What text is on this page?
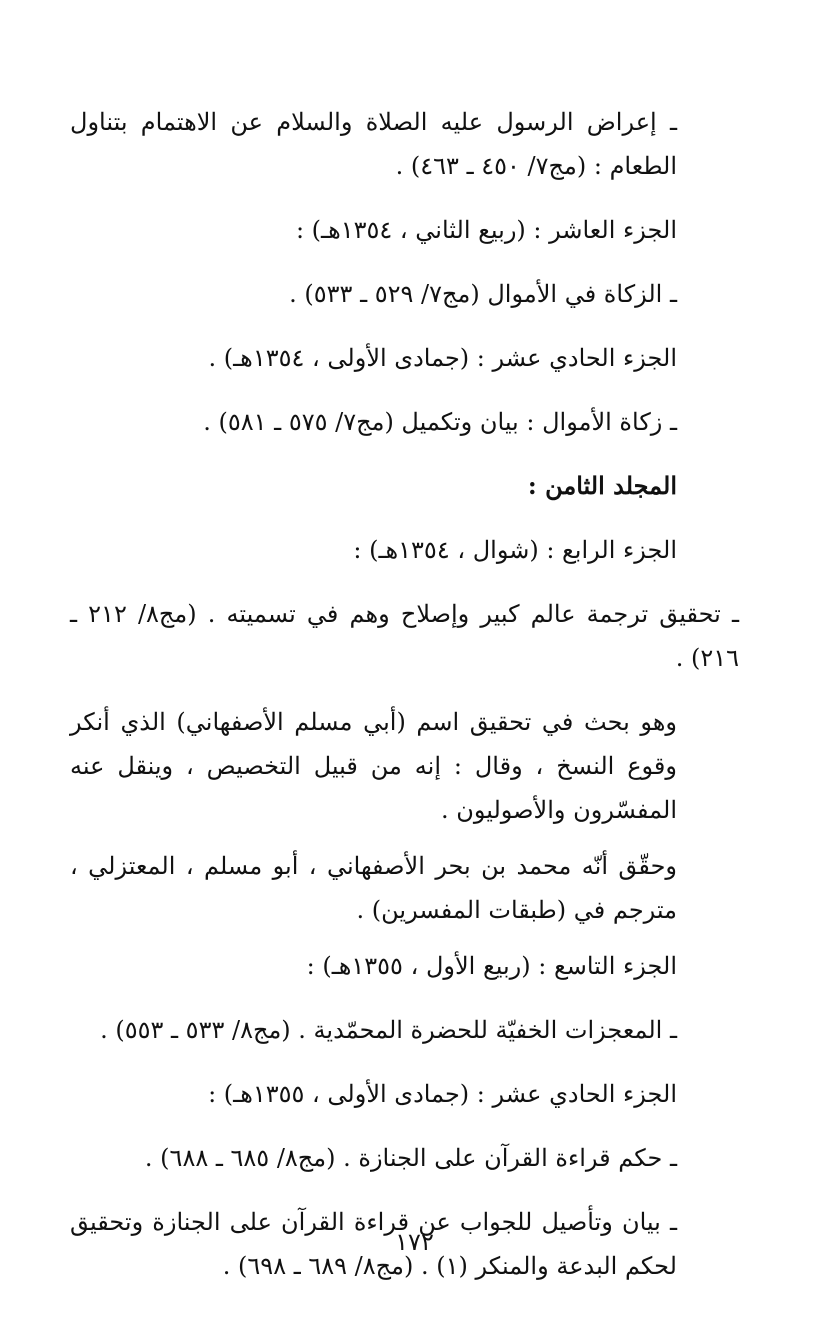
ـ إعراض الرسول عليه الصلاة والسلام عن الاهتمام بتناول الطعام : (مج٧/ ٤٥٠ ـ ٤٦٣) .
الجزء العاشر : (ربيع الثاني ، ١٣٥٤هـ) :
ـ الزكاة في الأموال (مج٧/ ٥٢٩ ـ ٥٣٣) .
الجزء الحادي عشر : (جمادى الأولى ، ١٣٥٤هـ) .
ـ زكاة الأموال : بيان وتكميل (مج٧/ ٥٧٥ ـ ٥٨١) .
المجلد الثامن :
الجزء الرابع : (شوال ، ١٣٥٤هـ) :
ـ تحقيق ترجمة عالم كبير وإصلاح وهم في تسميته . (مج٨/ ٢١٢ ـ ٢١٦) .
وهو بحث في تحقيق اسم (أبي مسلم الأصفهاني) الذي أنكر وقوع النسخ ، وقال : إنه من قبيل التخصيص ، وينقل عنه المفسّرون والأصوليون .
وحقّق أنّه محمد بن بحر الأصفهاني ، أبو مسلم ، المعتزلي ، مترجم في (طبقات المفسرين) .
الجزء التاسع : (ربيع الأول ، ١٣٥٥هـ) :
ـ المعجزات الخفيّة للحضرة المحمّدية . (مج٨/ ٥٣٣ ـ ٥٥٣) .
الجزء الحادي عشر : (جمادى الأولى ، ١٣٥٥هـ) :
ـ حكم قراءة القرآن على الجنازة . (مج٨/ ٦٨٥ ـ ٦٨٨) .
ـ بيان وتأصيل للجواب عن قراءة القرآن على الجنازة وتحقيق لحكم البدعة والمنكر (١) . (مج٨/ ٦٨٩ ـ ٦٩٨) .
١٧٢
